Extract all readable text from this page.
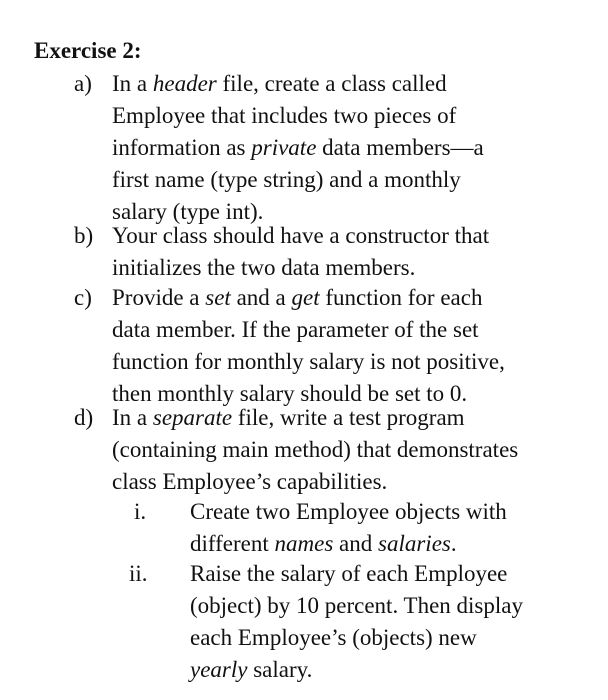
Exercise 2:
a) In a header file, create a class called
Employee that includes two pieces of
information as private data members—a
first name (type string) and a monthly
salary (type int).
b) Your class should have a constructor that
initializes the two data members.
c) Provide a set and a get function for each
data member. If the parameter of the set
function for monthly salary is not positive,
then monthly salary should be set to 0.
d) In a separate file, write a test program
(containing main method) that demonstrates
class Employee’s capabilities.
i. Create two Employee objects with
different names and salaries.
ii. Raise the salary of each Employee
(object) by 10 percent. Then display
each Employee’s (objects) new
yearly salary.
